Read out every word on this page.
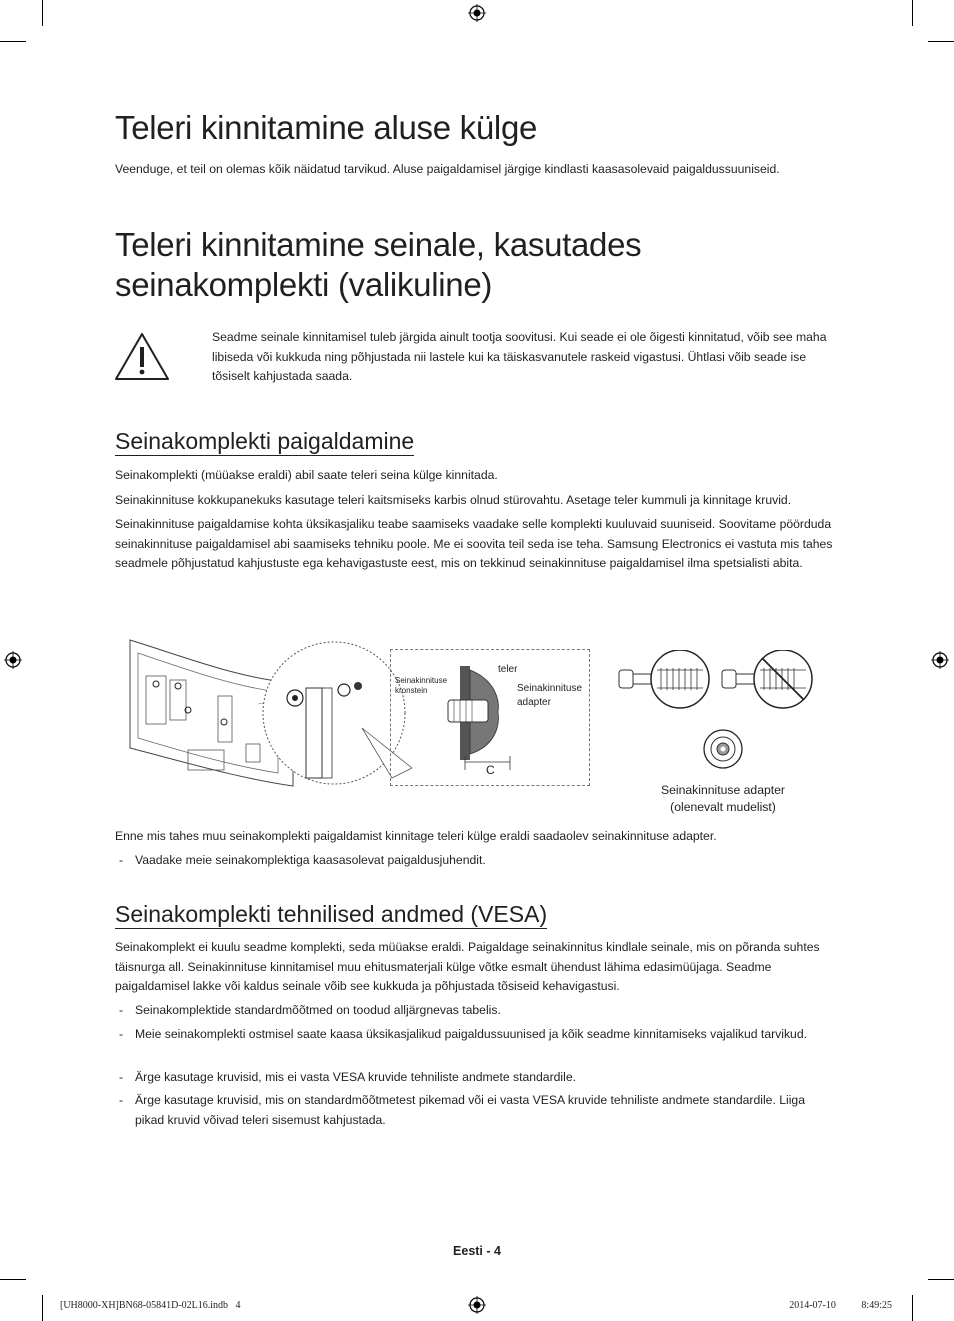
Teleri kinnitamine aluse külge

Veenduge, et teil on olemas kõik näidatud tarvikud. Aluse paigaldamisel järgige kindlasti kaasasolevaid paigaldussuuniseid.

Teleri kinnitamine seinale, kasutades
seinakomplekti (valikuline)

Seadme seinale kinnitamisel tuleb järgida ainult tootja soovitusi. Kui seade ei ole õigesti kinnitatud, võib see maha libiseda või kukkuda ning põhjustada nii lastele kui ka täiskasvanutele raskeid vigastusi. Ühtlasi võib seade ise tõsiselt kahjustada saada.

Seinakomplekti paigaldamine

Seinakomplekti (müüakse eraldi) abil saate teleri seina külge kinnitada.

Seinakinnituse kokkupanekuks kasutage teleri kaitsmiseks karbis olnud stürovahtu. Asetage teler kummuli ja kinnitage kruvid.

Seinakinnituse paigaldamise kohta üksikasjaliku teabe saamiseks vaadake selle komplekti kuuluvaid suuniseid. Soovitame pöörduda seinakinnituse paigaldamisel abi saamiseks tehniku poole. Me ei soovita teil seda ise teha. Samsung Electronics ei vastuta mis tahes seadmele põhjustatud kahjustuste ega kehavigastuste eest, mis on tekkinud seinakinnituse paigaldamisel ilma spetsialisti abita.

Seinakinnituse kronstein
teler
Seinakinnituse adapter
C
Seinakinnituse adapter
(olenevalt mudelist)

Enne mis tahes muu seinakomplekti paigaldamist kinnitage teleri külge eraldi saadaolev seinakinnituse adapter.

- Vaadake meie seinakomplektiga kaasasolevat paigaldusjuhendit.
Seinakomplekti tehnilised andmed (VESA)

Seinakomplekt ei kuulu seadme komplekti, seda müüakse eraldi. Paigaldage seinakinnitus kindlale seinale, mis on põranda suhtes täisnurga all. Seinakinnituse kinnitamisel muu ehitusmaterjali külge võtke esmalt ühendust lähima edasimüüjaga. Seadme paigaldamisel lakke või kaldus seinale võib see kukkuda ja põhjustada tõsiseid kehavigastusi.

- Seinakomplektide standardmõõtmed on toodud alljärgnevas tabelis.
- Meie seinakomplekti ostmisel saate kaasa üksikasjalikud paigaldussuunised ja kõik seadme kinnitamiseks vajalikud tarvikud.
- Ärge kasutage kruvisid, mis ei vasta VESA kruvide tehniliste andmete standardile.
- Ärge kasutage kruvisid, mis on standardmõõtmetest pikemad või ei vasta VESA kruvide tehniliste andmete standardile. Liiga pikad kruvid võivad teleri sisemust kahjustada.
Eesti - 4
[UH8000-XH]BN68-05841D-02L16.indb   4	2014-07-10   ￿￿ 8:49:25
